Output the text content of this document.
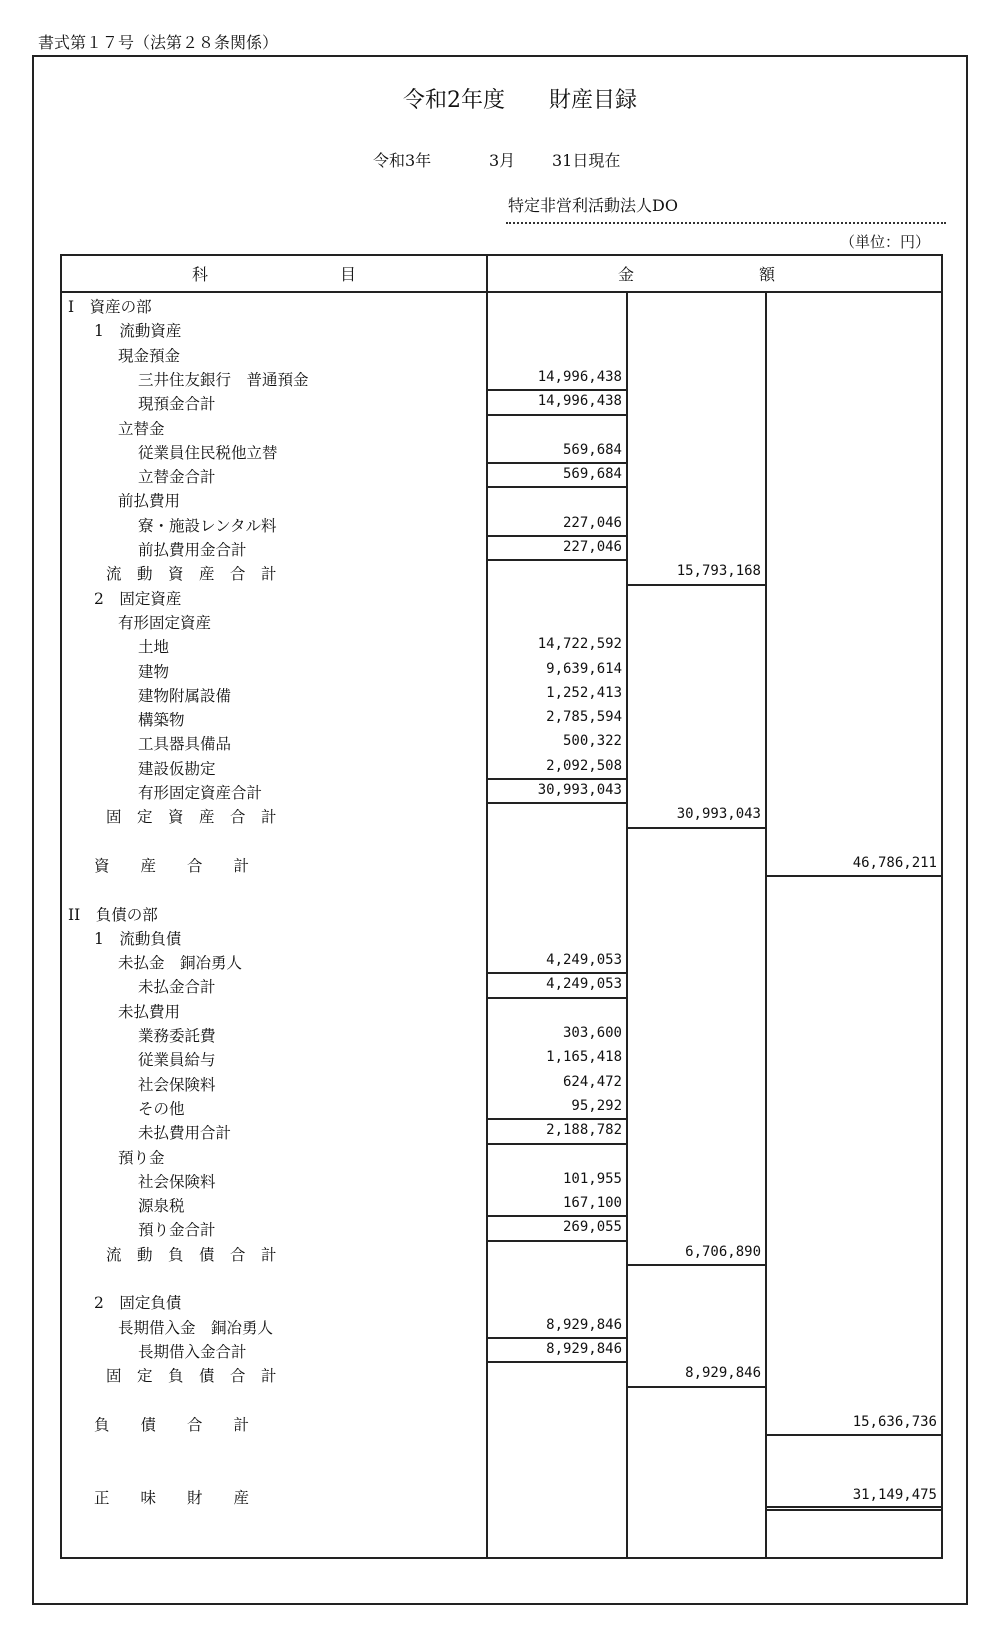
書式第１７号（法第２８条関係）
令和2年度　　財産目録
令和3年	3月 31日現在
特定非営利活動法人DO
（単位：円）
科	目	金	額
I　資産の部
1　流動資産
現金預金
三井住友銀行　普通預金	14,996,438
現預金合計	14,996,438
立替金
従業員住民税他立替	569,684
立替金合計	569,684
前払費用
寮・施設レンタル料	227,046
前払費用金合計	227,046
流　動　資　産　合　計	15,793,168
2　固定資産
有形固定資産
土地	14,722,592
建物	9,639,614
建物附属設備	1,252,413
構築物	2,785,594
工具器具備品	500,322
建設仮勘定	2,092,508
有形固定資産合計	30,993,043
固　定　資　産　合　計	30,993,043
資　　産　　合　　計	46,786,211
II　負債の部
1　流動負債
未払金　銅冶勇人	4,249,053
未払金合計	4,249,053
未払費用
業務委託費	303,600
従業員給与	1,165,418
社会保険料	624,472
その他	95,292
未払費用合計	2,188,782
預り金
社会保険料	101,955
源泉税	167,100
預り金合計	269,055
流　動　負　債　合　計	6,706,890
2　固定負債
長期借入金　銅冶勇人	8,929,846
長期借入金合計	8,929,846
固　定　負　債　合　計	8,929,846
負　　債　　合　　計	15,636,736
正　　味　　財　　産	31,149,475
